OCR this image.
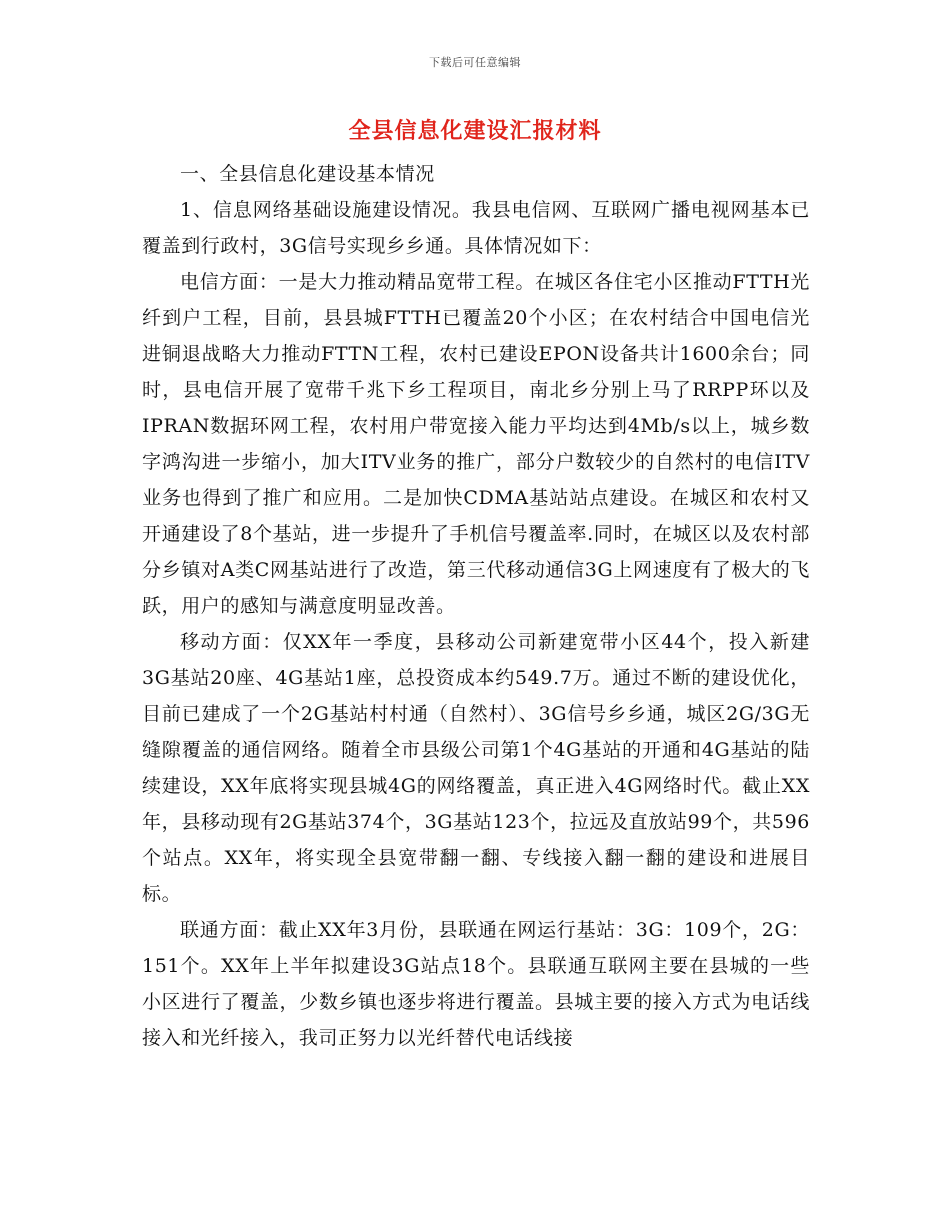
下载后可任意编辑
全县信息化建设汇报材料

一、全县信息化建设基本情况

1、信息网络基础设施建设情况。我县电信网、互联网广播电视网基本已覆盖到行政村，3G信号实现乡乡通。具体情况如下：

电信方面：一是大力推动精品宽带工程。在城区各住宅小区推动FTTH光纤到户工程，目前，县县城FTTH已覆盖20个小区；在农村结合中国电信光进铜退战略大力推动FTTN工程，农村已建设EPON设备共计1600余台；同时，县电信开展了宽带千兆下乡工程项目，南北乡分别上马了RRPP环以及IPRAN数据环网工程，农村用户带宽接入能力平均达到4Mb/s以上，城乡数字鸿沟进一步缩小，加大ITV业务的推广，部分户数较少的自然村的电信ITV业务也得到了推广和应用。二是加快CDMA基站站点建设。在城区和农村又开通建设了8个基站，进一步提升了手机信号覆盖率.同时，在城区以及农村部分乡镇对A类C网基站进行了改造，第三代移动通信3G上网速度有了极大的飞跃，用户的感知与满意度明显改善。

移动方面：仅XX年一季度，县移动公司新建宽带小区44个，投入新建3G基站20座、4G基站1座，总投资成本约549.7万。通过不断的建设优化，目前已建成了一个2G基站村村通（自然村）、3G信号乡乡通，城区2G/3G无缝隙覆盖的通信网络。随着全市县级公司第1个4G基站的开通和4G基站的陆续建设，XX年底将实现县城4G的网络覆盖，真正进入4G网络时代。截止XX年，县移动现有2G基站374个，3G基站123个，拉远及直放站99个，共596个站点。XX年，将实现全县宽带翻一翻、专线接入翻一翻的建设和进展目标。

联通方面：截止XX年3月份，县联通在网运行基站：3G：109个，2G：151个。XX年上半年拟建设3G站点18个。县联通互联网主要在县城的一些小区进行了覆盖，少数乡镇也逐步将进行覆盖。县城主要的接入方式为电话线接入和光纤接入，我司正努力以光纤替代电话线接
